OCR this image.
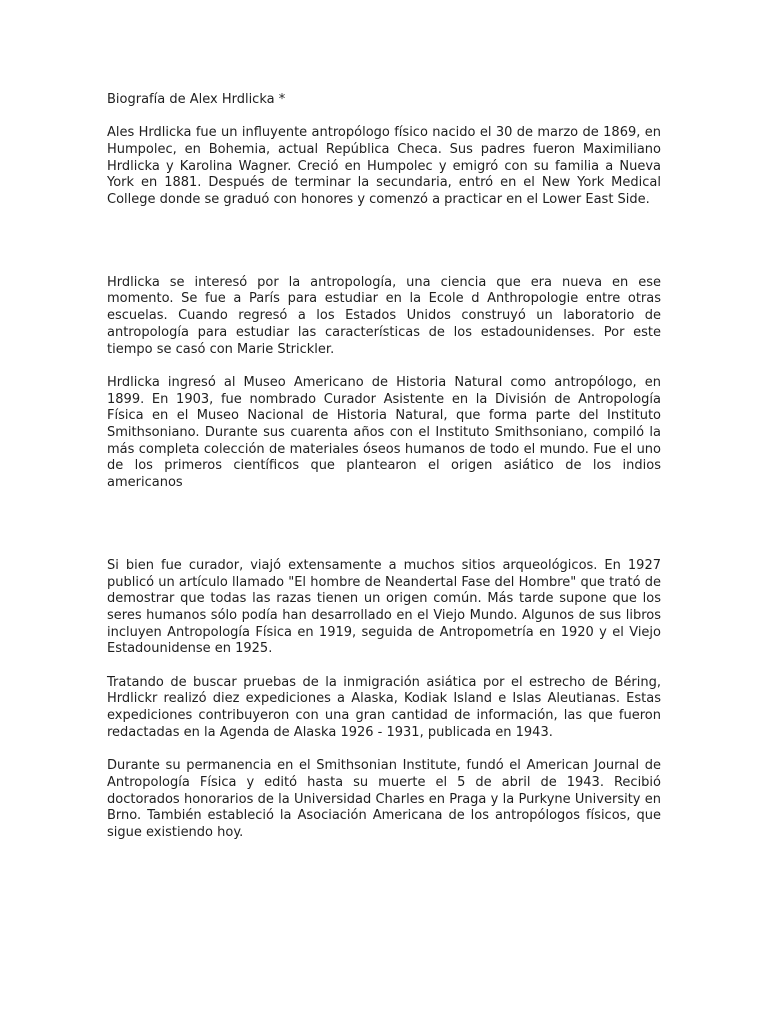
Biografía de Alex Hrdlicka *

Ales Hrdlicka fue un influyente antropólogo físico nacido el 30 de marzo de 1869, en Humpolec, en Bohemia, actual República Checa. Sus padres fueron Maximiliano Hrdlicka y Karolina Wagner. Creció en Humpolec y emigró con su familia a Nueva York en 1881. Después de terminar la secundaria, entró en el New York Medical College donde se graduó con honores y comenzó a practicar en el Lower East Side.

Hrdlicka se interesó por la antropología, una ciencia que era nueva en ese momento. Se fue a París para estudiar en la Ecole d Anthropologie entre otras escuelas. Cuando regresó a los Estados Unidos construyó un laboratorio de antropología para estudiar las características de los estadounidenses. Por este tiempo se casó con Marie Strickler.

Hrdlicka ingresó al Museo Americano de Historia Natural como antropólogo, en 1899. En 1903, fue nombrado Curador Asistente en la División de Antropología Física en el Museo Nacional de Historia Natural, que forma parte del Instituto Smithsoniano. Durante sus cuarenta años con el Instituto Smithsoniano, compiló la más completa colección de materiales óseos humanos de todo el mundo. Fue el uno de los primeros científicos que plantearon el origen asiático de los indios americanos

Si bien fue curador, viajó extensamente a muchos sitios arqueológicos. En 1927 publicó un artículo llamado "El hombre de Neandertal Fase del Hombre" que trató de demostrar que todas las razas tienen un origen común. Más tarde supone que los seres humanos sólo podía han desarrollado en el Viejo Mundo. Algunos de sus libros incluyen Antropología Física en 1919, seguida de Antropometría en 1920 y el Viejo Estadounidense en 1925.

Tratando de buscar pruebas de la inmigración asiática por el estrecho de Béring, Hrdlickr realizó diez expediciones a Alaska, Kodiak Island e Islas Aleutianas. Estas expediciones contribuyeron con una gran cantidad de información, las que fueron redactadas en la Agenda de Alaska 1926 - 1931, publicada en 1943.

Durante su permanencia en el Smithsonian Institute, fundó el American Journal de Antropología Física y editó hasta su muerte el 5 de abril de 1943. Recibió doctorados honorarios de la Universidad Charles en Praga y la Purkyne University en Brno. También estableció la Asociación Americana de los antropólogos físicos, que sigue existiendo hoy.
